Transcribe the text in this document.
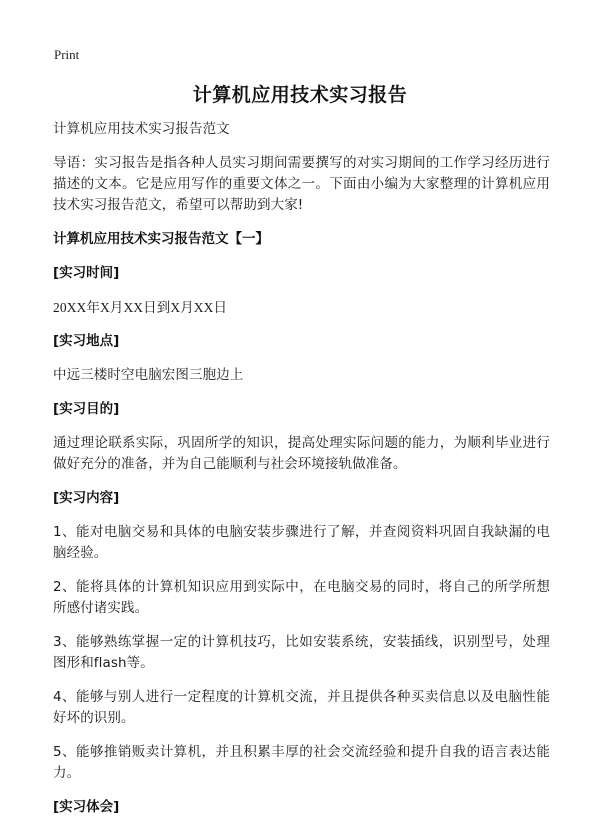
Print
计算机应用技术实习报告

计算机应用技术实习报告范文

导语：实习报告是指各种人员实习期间需要撰写的对实习期间的工作学习经历进行描述的文本。它是应用写作的重要文体之一。下面由小编为大家整理的计算机应用技术实习报告范文，希望可以帮助到大家!

计算机应用技术实习报告范文【一】

[实习时间]

20XX年X月XX日到X月XX日

[实习地点]

中远三楼时空电脑宏图三胞边上

[实习目的]

通过理论联系实际，巩固所学的知识，提高处理实际问题的能力，为顺利毕业进行做好充分的准备，并为自己能顺利与社会环境接轨做准备。

[实习内容]

1、能对电脑交易和具体的电脑安装步骤进行了解，并查阅资料巩固自我缺漏的电脑经验。

2、能将具体的计算机知识应用到实际中，在电脑交易的同时，将自己的所学所想所感付诸实践。

3、能够熟练掌握一定的计算机技巧，比如安装系统，安装插线，识别型号，处理图形和flash等。

4、能够与别人进行一定程度的计算机交流，并且提供各种买卖信息以及电脑性能好坏的识别。

5、能够推销贩卖计算机，并且积累丰厚的社会交流经验和提升自我的语言表达能力。

[实习体会]
